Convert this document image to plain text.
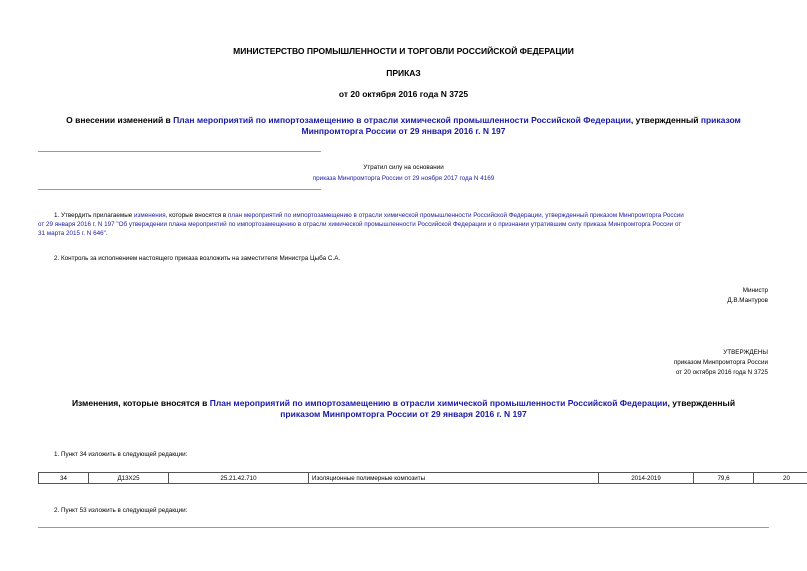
МИНИСТЕРСТВО ПРОМЫШЛЕННОСТИ И ТОРГОВЛИ РОССИЙСКОЙ ФЕДЕРАЦИИ
ПРИКАЗ
от 20 октября 2016 года N 3725
О внесении изменений в План мероприятий по импортозамещению в отрасли химической промышленности Российской Федерации, утвержденный приказом
Минпромторга России от 29 января 2016 г. N 197
Утратил силу на основании
приказа Минпромторга России от 29 ноября 2017 года N 4169
1. Утвердить прилагаемые изменения, которые вносятся в план мероприятий по импортозамещению в отрасли химической промышленности Российской Федерации, утвержденный приказом Минпромторга России
от 29 января 2016 г. N 197 "Об утверждении плана мероприятий по импортозамещению в отрасли химической промышленности Российской Федерации и о признании утратившим силу приказа Минпромторга России от
31 марта 2015 г. N 646".
2. Контроль за исполнением настоящего приказа возложить на заместителя Министра Цыба С.А.
Министр
Д.В.Мантуров
УТВЕРЖДЕНЫ
приказом Минпромторга России
от 20 октября 2016 года N 3725
Изменения, которые вносятся в План мероприятий по импортозамещению в отрасли химической промышленности Российской Федерации, утвержденный
приказом Минпромторга России от 29 января 2016 г. N 197
1. Пункт 34 изложить в следующей редакции:
34	Д13Х25	25.21.42.710	Изоляционные полимерные композиты	2014-2019	79,6	20
2. Пункт 53 изложить в следующей редакции:
